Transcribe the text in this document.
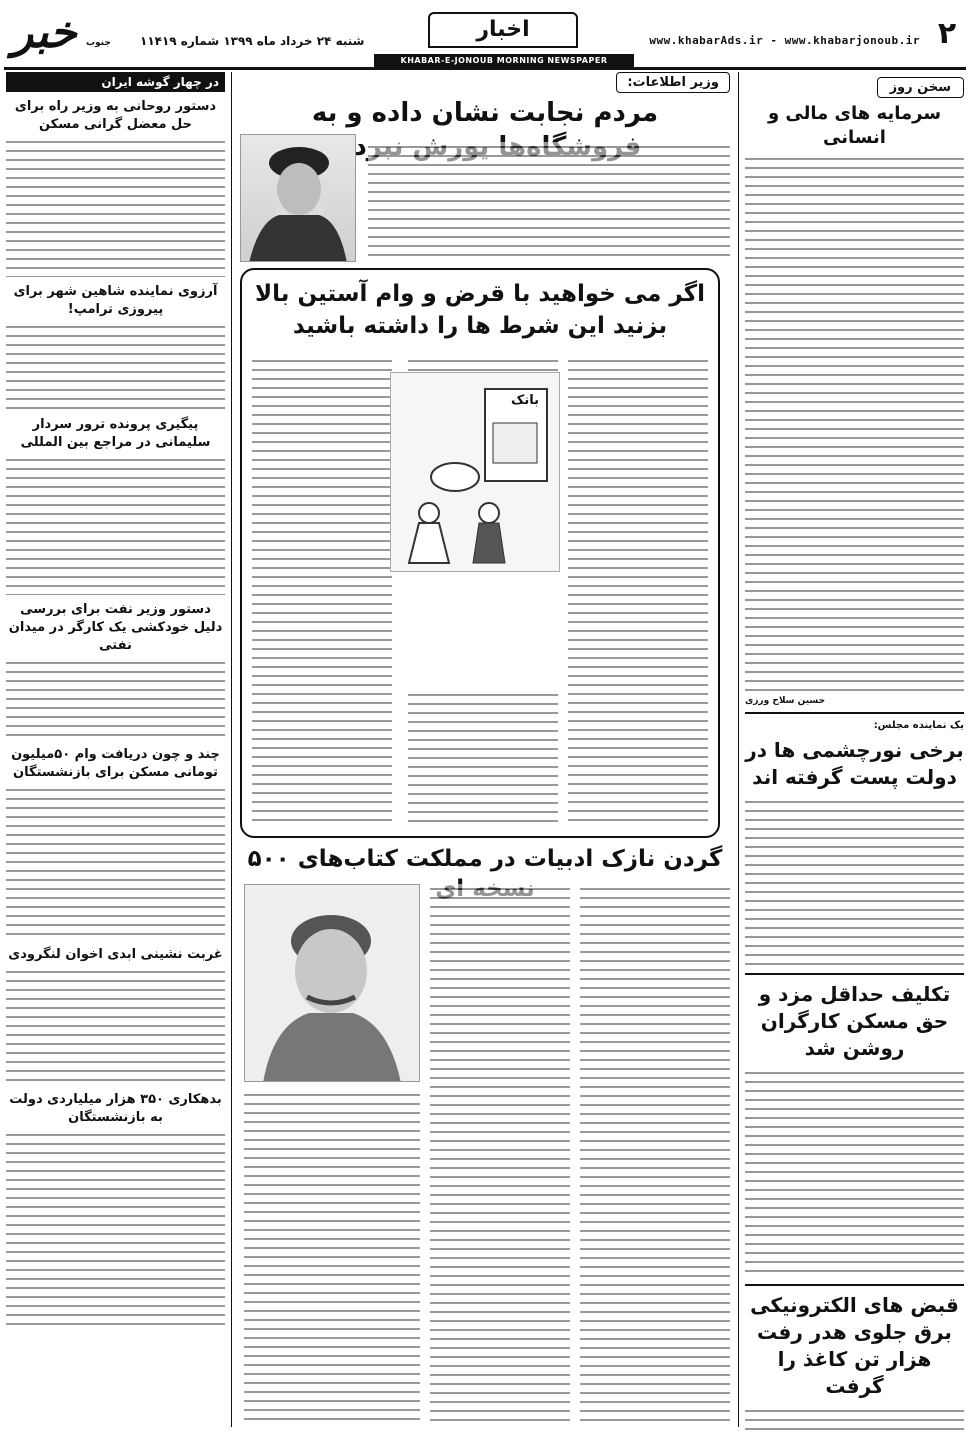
۲
www.khabarAds.ir - www.khabarjonoub.ir
اخبار
KHABAR-E-JONOUB MORNING NEWSPAPER
شنبه ۲۴ خرداد ماه ۱۳۹۹ شماره ۱۱۴۱۹
خبر جنوب
سخن روز
سرمایه های مالی و انسانی
حسین سلاح ورزی
یک نماینده مجلس:
برخی نورچشمی ها در دولت پست گرفته اند
تکلیف حداقل مزد و حق مسکن کارگران روشن شد
قبض های الکترونیکی برق جلوی هدر رفت هزار تن کاغذ را گرفت
در چهار گوشه ایران
دستور روحانی به وزیر راه برای حل معضل گرانی مسکن
آرزوی نماینده شاهین شهر برای پیروزی ترامپ!
پیگیری پرونده ترور سردار سلیمانی در مراجع بین المللی
دستور وزیر نفت برای بررسی دلیل خودکشی یک کارگر در میدان نفتی
چند و چون دریافت وام ۵۰میلیون تومانی مسکن برای بازنشستگان
غربت نشینی ابدی اخوان لنگرودی
بدهکاری ۳۵۰ هزار میلیاردی دولت به بازنشستگان
وزیر اطلاعات:
مردم نجابت نشان داده و به نبردند
اگر می خواهید با قرض و وام آستین بالا بزنید این شرط ها را داشته باشید
بانک
گردن نازک ادبیات در مملکت کتاب‌های ۵۰۰
